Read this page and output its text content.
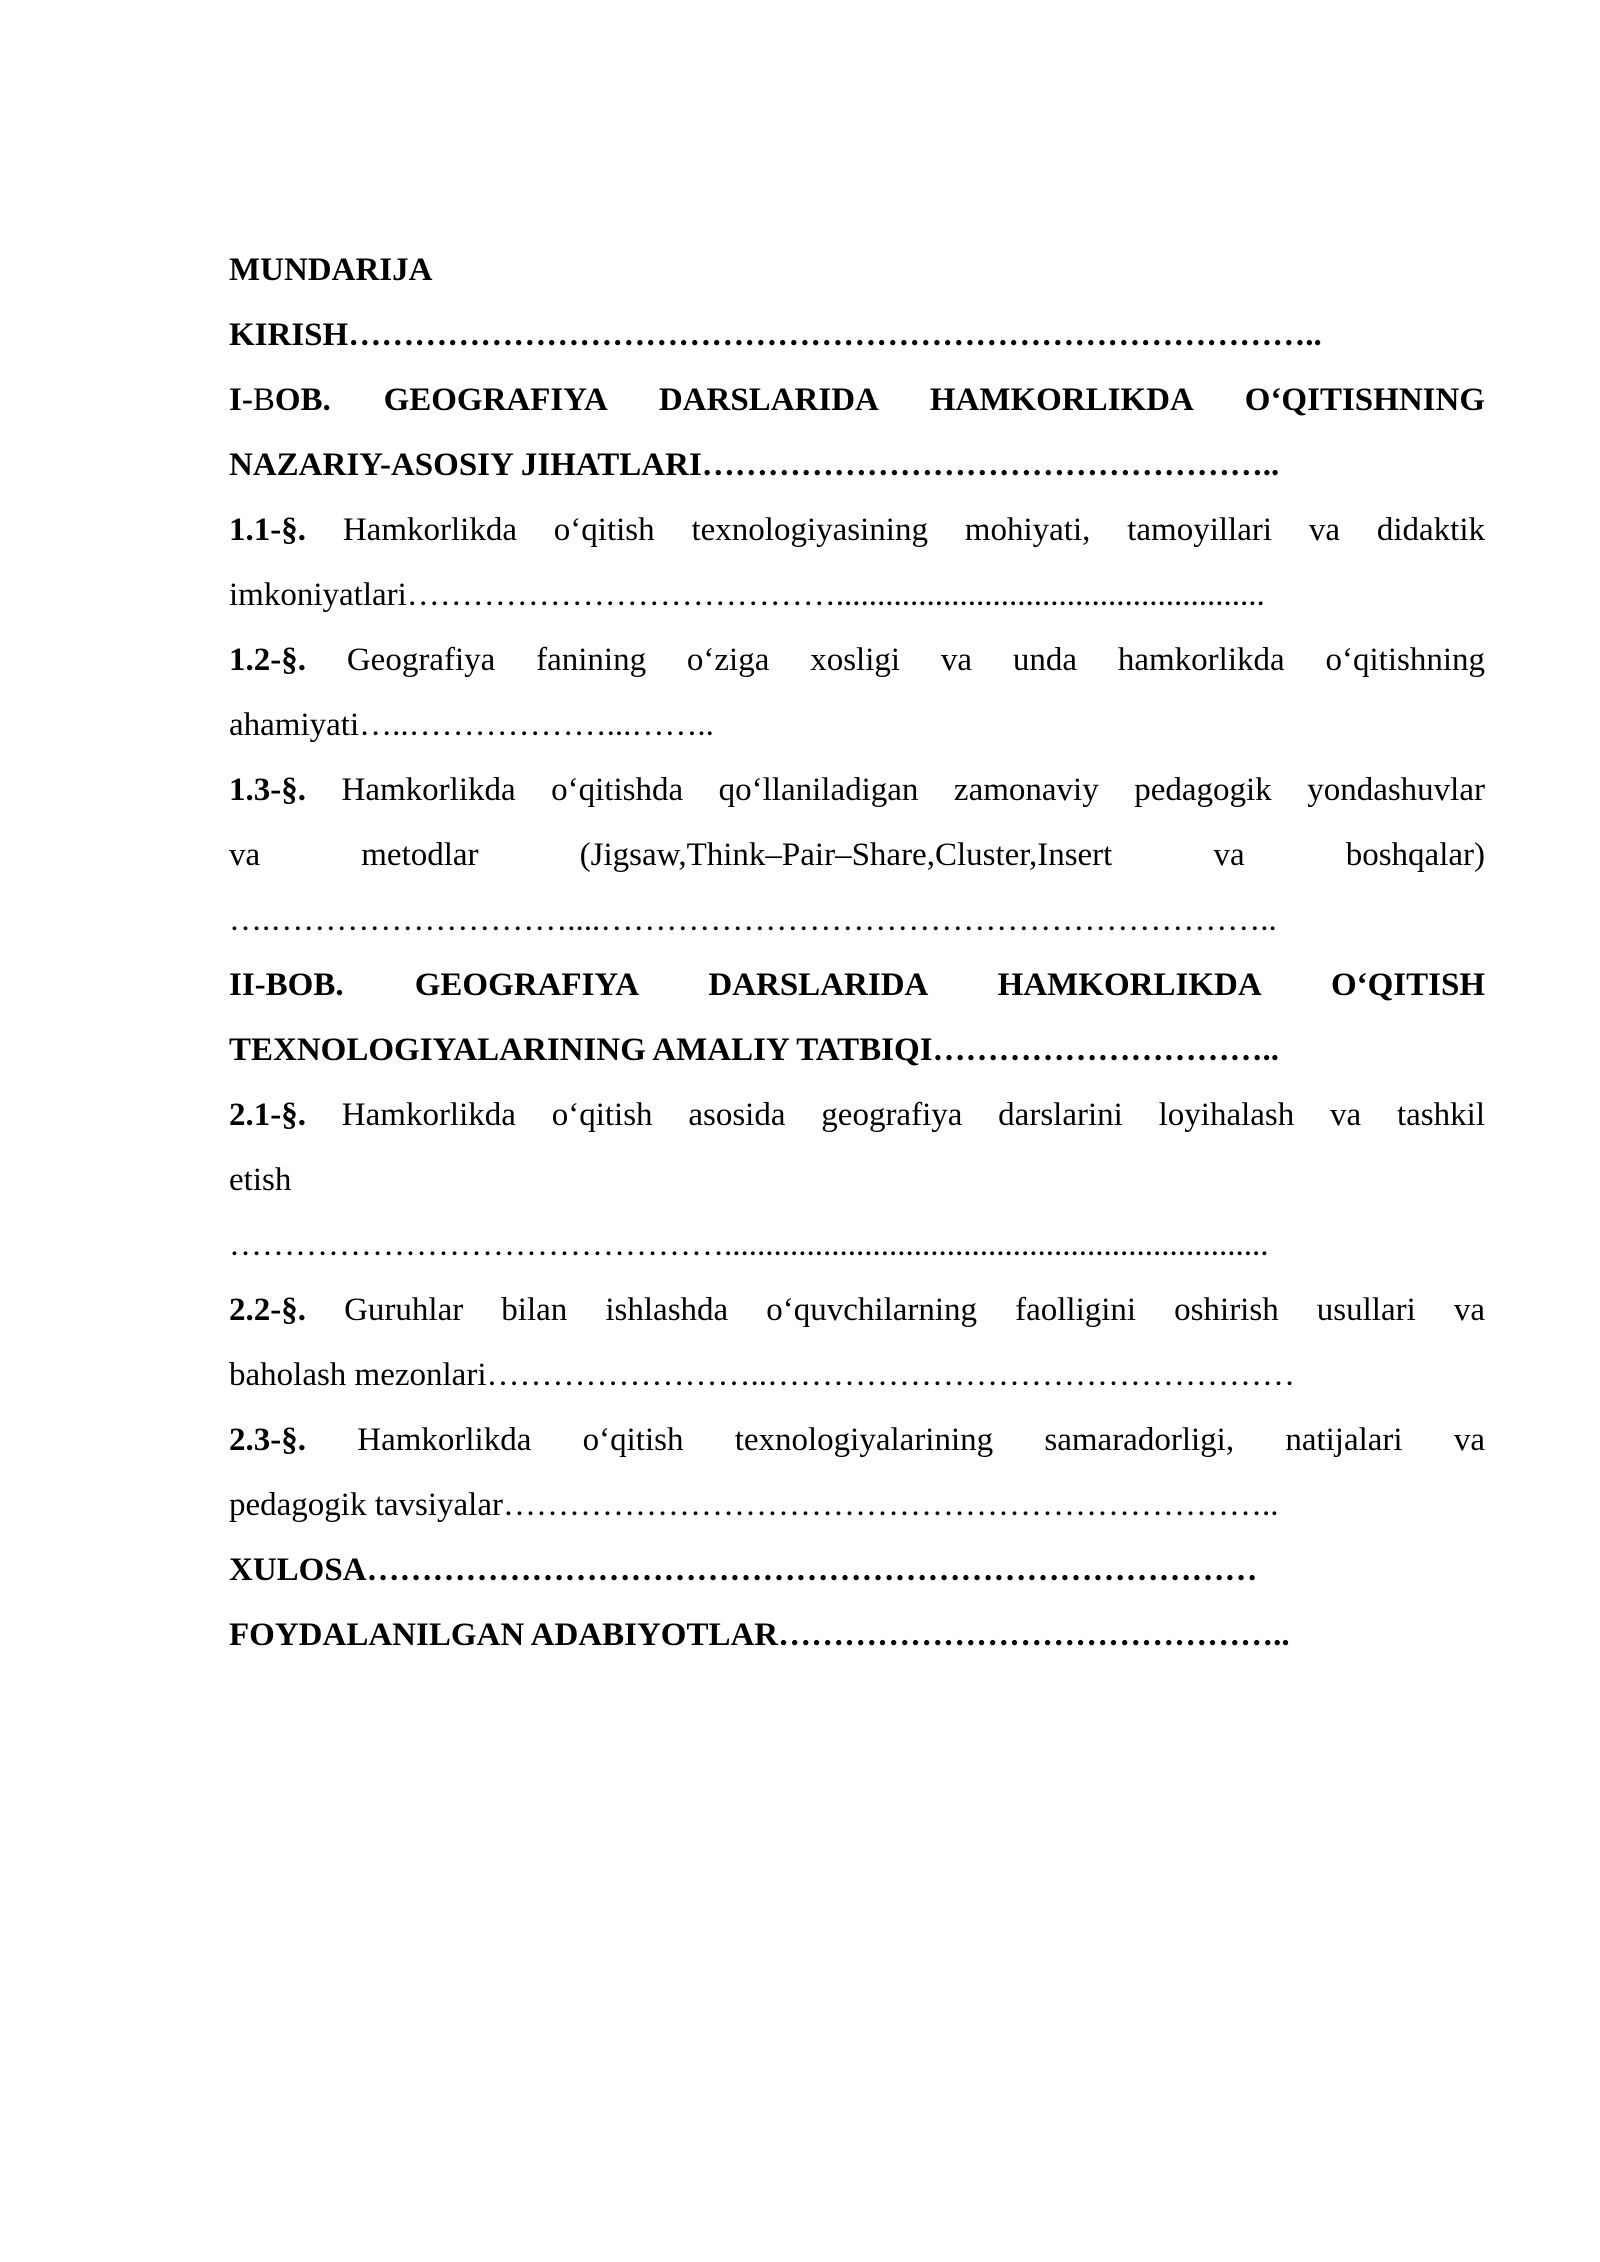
MUNDARIJA
KIRISH……………………………………………………………………………..
I-BOB. GEOGRAFIYA DARSLARIDA HAMKORLIKDA O‘QITISHNING
NAZARIY-ASOSIY JIHATLARI……………………………………………..
1.1-§. Hamkorlikda o‘qitish texnologiyasining mohiyati, tamoyillari va didaktik
imkoniyatlari…………………………………....................................................
1.2-§. Geografiya fanining o‘ziga xosligi va unda hamkorlikda o‘qitishning
ahamiyati…..………………...……..
1.3-§. Hamkorlikda o‘qitishda qo‘llaniladigan zamonaviy pedagogik yondashuvlar
va metodlar (Jigsaw,Think–Pair–Share,Cluster,Insert va boshqalar)
….………………………....……………………………………………………..
II-BOB. GEOGRAFIYA DARSLARIDA HAMKORLIKDA O‘QITISH
TEXNOLOGIYALARINING AMALIY TATBIQI…………………………..
2.1-§. Hamkorlikda o‘qitish asosida geografiya darslarini loyihalash va tashkil
etish
………………………………………..................................................................
2.2-§. Guruhlar bilan ishlashda o‘quvchilarning faolligini oshirish usullari va
baholash mezonlari……………………..…………………………………………
2.3-§. Hamkorlikda o‘qitish texnologiyalarining samaradorligi, natijalari va
pedagogik tavsiyalar……………………………………………………………..
XULOSA………………………………………………………………………
FOYDALANILGAN ADABIYOTLAR………………………………………..
